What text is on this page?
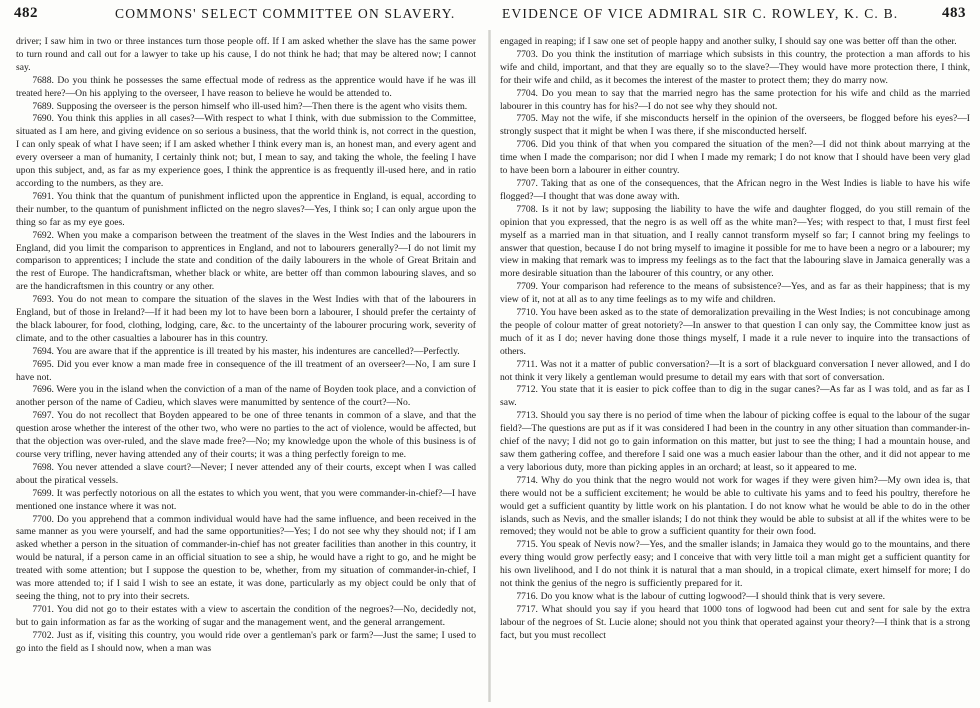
482	COMMONS' SELECT COMMITTEE ON SLAVERY.

driver; I saw him in two or three instances turn those people off. If I am asked whether the slave has the same power to turn round and call out for a lawyer to take up his cause, I do not think he had; that may be altered now; I cannot say.

7688. Do you think he possesses the same effectual mode of redress as the apprentice would have if he was ill treated here?—On his applying to the overseer, I have reason to believe he would be attended to.

7689. Supposing the overseer is the person himself who ill-used him?—Then there is the agent who visits them.

7690. You think this applies in all cases?—With respect to what I think, with due submission to the Committee, situated as I am here, and giving evidence on so serious a business, that the world think is, not correct in the question, I can only speak of what I have seen; if I am asked whether I think every man is, an honest man, and every agent and every overseer a man of humanity, I certainly think not; but, I mean to say, and taking the whole, the feeling I have upon this subject, and, as far as my experience goes, I think the apprentice is as frequently ill-used here, and in ratio according to the numbers, as they are.

7691. You think that the quantum of punishment inflicted upon the apprentice in England, is equal, according to their number, to the quantum of punishment inflicted on the negro slaves?—Yes, I think so; I can only argue upon the thing so far as my eye goes.

7692. When you make a comparison between the treatment of the slaves in the West Indies and the labourers in England, did you limit the comparison to apprentices in England, and not to labourers generally?—I do not limit my comparison to apprentices; I include the state and condition of the daily labourers in the whole of Great Britain and the rest of Europe. The handicraftsman, whether black or white, are better off than common labouring slaves, and so are the handicraftsmen in this country or any other.

7693. You do not mean to compare the situation of the slaves in the West Indies with that of the labourers in England, but of those in Ireland?—If it had been my lot to have been born a labourer, I should prefer the certainty of the black labourer, for food, clothing, lodging, care, &c. to the uncertainty of the labourer procuring work, severity of climate, and to the other casualties a labourer has in this country.

7694. You are aware that if the apprentice is ill treated by his master, his indentures are cancelled?—Perfectly.

7695. Did you ever know a man made free in consequence of the ill treatment of an overseer?—No, I am sure I have not.

7696. Were you in the island when the conviction of a man of the name of Boyden took place, and a conviction of another person of the name of Cadieu, which slaves were manumitted by sentence of the court?—No.

7697. You do not recollect that Boyden appeared to be one of three tenants in common of a slave, and that the question arose whether the interest of the other two, who were no parties to the act of violence, would be affected, but that the objection was over-ruled, and the slave made free?—No; my knowledge upon the whole of this business is of course very trifling, never having attended any of their courts; it was a thing perfectly foreign to me.

7698. You never attended a slave court?—Never; I never attended any of their courts, except when I was called about the piratical vessels.

7699. It was perfectly notorious on all the estates to which you went, that you were commander-in-chief?—I have mentioned one instance where it was not.

7700. Do you apprehend that a common individual would have had the same influence, and been received in the same manner as you were yourself, and had the same opportunities?—Yes; I do not see why they should not; if I am asked whether a person in the situation of commander-in-chief has not greater facilities than another in this country, it would be natural, if a person came in an official situation to see a ship, he would have a right to go, and he might be treated with some attention; but I suppose the question to be, whether, from my situation of commander-in-chief, I was more attended to; if I said I wish to see an estate, it was done, particularly as my object could be only that of seeing the thing, not to pry into their secrets.

7701. You did not go to their estates with a view to ascertain the condition of the negroes?—No, decidedly not, but to gain information as far as the working of sugar and the management went, and the general arrangement.

7702. Just as if, visiting this country, you would ride over a gentleman's park or farm?—Just the same; I used to go into the field as I should now, when a man was

EVIDENCE OF VICE ADMIRAL SIR C. ROWLEY, K. C. B.	483

engaged in reaping; if I saw one set of people happy and another sulky, I should say one was better off than the other.

7703. Do you think the institution of marriage which subsists in this country, the protection a man affords to his wife and child, important, and that they are equally so to the slave?—They would have more protection there, I think, for their wife and child, as it becomes the interest of the master to protect them; they do marry now.

7704. Do you mean to say that the married negro has the same protection for his wife and child as the married labourer in this country has for his?—I do not see why they should not.

7705. May not the wife, if she misconducts herself in the opinion of the overseers, be flogged before his eyes?—I strongly suspect that it might be when I was there, if she misconducted herself.

7706. Did you think of that when you compared the situation of the men?—I did not think about marrying at the time when I made the comparison; nor did I when I made my remark; I do not know that I should have been very glad to have been born a labourer in either country.

7707. Taking that as one of the consequences, that the African negro in the West Indies is liable to have his wife flogged?—I thought that was done away with.

7708. Is it not by law; supposing the liability to have the wife and daughter flogged, do you still remain of the opinion that you expressed, that the negro is as well off as the white man?—Yes; with respect to that, I must first feel myself as a married man in that situation, and I really cannot transform myself so far; I cannot bring my feelings to answer that question, because I do not bring myself to imagine it possible for me to have been a negro or a labourer; my view in making that remark was to impress my feelings as to the fact that the labouring slave in Jamaica generally was a more desirable situation than the labourer of this country, or any other.

7709. Your comparison had reference to the means of subsistence?—Yes, and as far as their happiness; that is my view of it, not at all as to any time feelings as to my wife and children.

7710. You have been asked as to the state of demoralization prevailing in the West Indies; is not concubinage among the people of colour matter of great notoriety?—In answer to that question I can only say, the Committee know just as much of it as I do; never having done those things myself, I made it a rule never to inquire into the transactions of others.

7711. Was not it a matter of public conversation?—It is a sort of blackguard conversation I never allowed, and I do not think it very likely a gentleman would presume to detail my ears with that sort of conversation.

7712. You state that it is easier to pick coffee than to dig in the sugar canes?—As far as I was told, and as far as I saw.

7713. Should you say there is no period of time when the labour of picking coffee is equal to the labour of the sugar field?—The questions are put as if it was considered I had been in the country in any other situation than commander-in-chief of the navy; I did not go to gain information on this matter, but just to see the thing; I had a mountain house, and saw them gathering coffee, and therefore I said one was a much easier labour than the other, and it did not appear to me a very laborious duty, more than picking apples in an orchard; at least, so it appeared to me.

7714. Why do you think that the negro would not work for wages if they were given him?—My own idea is, that there would not be a sufficient excitement; he would be able to cultivate his yams and to feed his poultry, therefore he would get a sufficient quantity by little work on his plantation. I do not know what he would be able to do in the other islands, such as Nevis, and the smaller islands; I do not think they would be able to subsist at all if the whites were to be removed; they would not be able to grow a sufficient quantity for their own food.

7715. You speak of Nevis now?—Yes, and the smaller islands; in Jamaica they would go to the mountains, and there every thing would grow perfectly easy; and I conceive that with very little toil a man might get a sufficient quantity for his own livelihood, and I do not think it is natural that a man should, in a tropical climate, exert himself for more; I do not think the genius of the negro is sufficiently prepared for it.

7716. Do you know what is the labour of cutting logwood?—I should think that is very severe.

7717. What should you say if you heard that 1000 tons of logwood had been cut and sent for sale by the extra labour of the negroes of St. Lucie alone; should not you think that operated against your theory?—I think that is a strong fact, but you must recollect
